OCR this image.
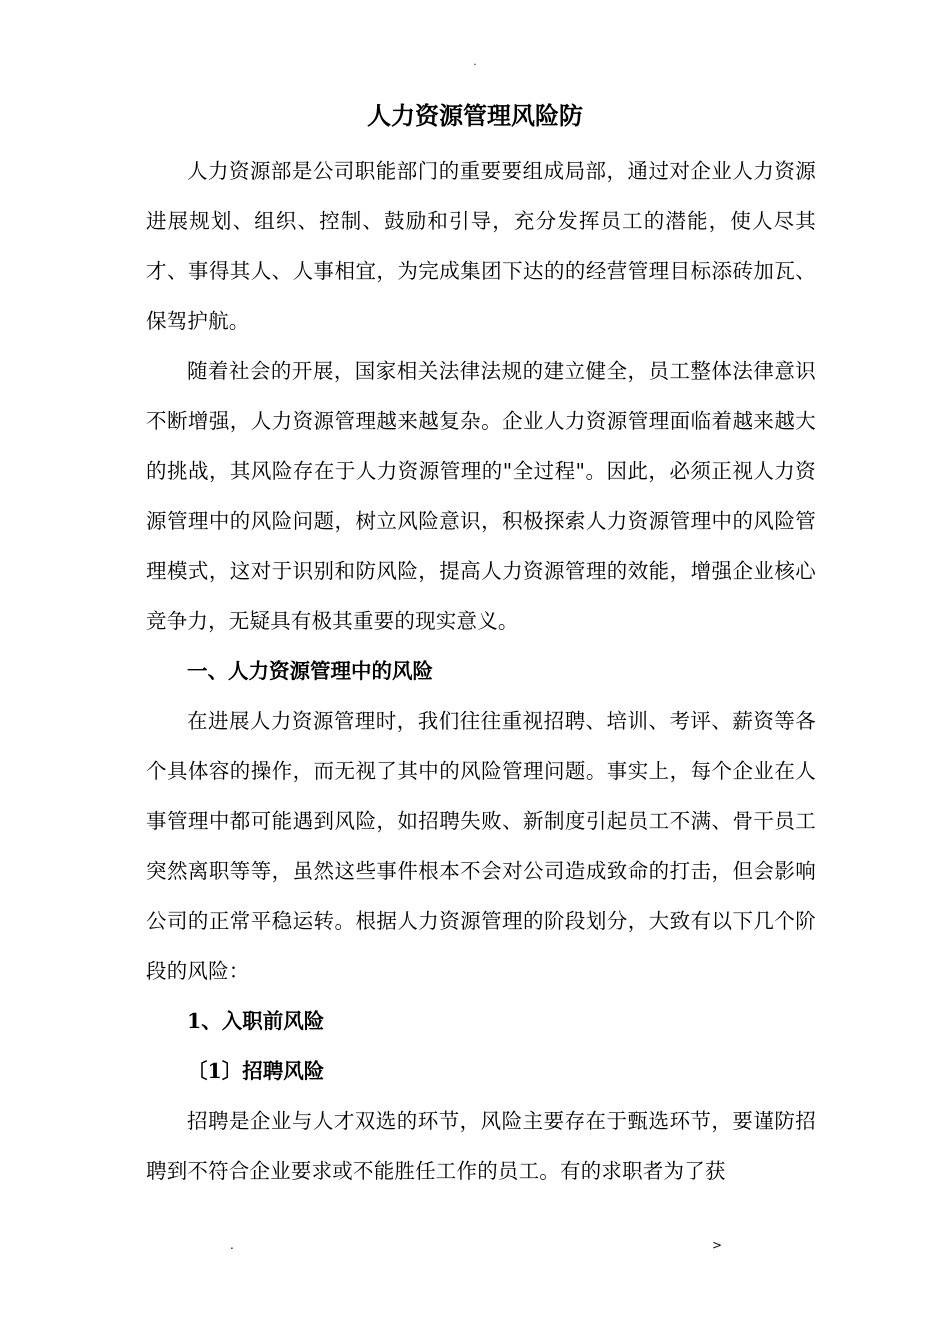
.
人力资源管理风险防

人力资源部是公司职能部门的重要要组成局部，通过对企业人力资源进展规划、组织、控制、鼓励和引导，充分发挥员工的潜能，使人尽其才、事得其人、人事相宜，为完成集团下达的的经营管理目标添砖加瓦、保驾护航。

随着社会的开展，国家相关法律法规的建立健全，员工整体法律意识不断增强，人力资源管理越来越复杂。企业人力资源管理面临着越来越大的挑战，其风险存在于人力资源管理的"全过程"。因此，必须正视人力资源管理中的风险问题，树立风险意识，积极探索人力资源管理中的风险管理模式，这对于识别和防风险，提高人力资源管理的效能，增强企业核心竞争力，无疑具有极其重要的现实意义。

一、人力资源管理中的风险

在进展人力资源管理时，我们往往重视招聘、培训、考评、薪资等各个具体容的操作，而无视了其中的风险管理问题。事实上，每个企业在人事管理中都可能遇到风险，如招聘失败、新制度引起员工不满、骨干员工突然离职等等，虽然这些事件根本不会对公司造成致命的打击，但会影响公司的正常平稳运转。根据人力资源管理的阶段划分，大致有以下几个阶段的风险：

1、入职前风险

〔1〕招聘风险

招聘是企业与人才双选的环节，风险主要存在于甄选环节，要谨防招聘到不符合企业要求或不能胜任工作的员工。有的求职者为了获

.	>
